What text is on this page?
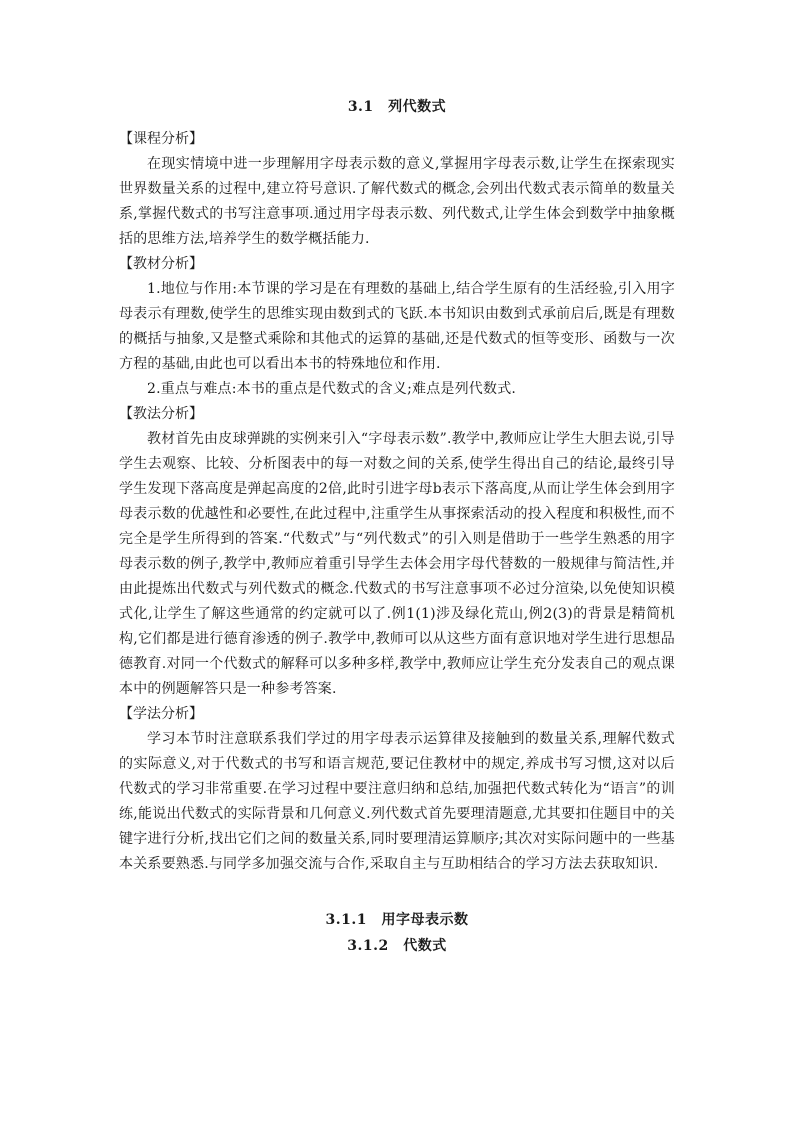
3.1　列代数式
【课程分析】

在现实情境中进一步理解用字母表示数的意义,掌握用字母表示数,让学生在探索现实世界数量关系的过程中,建立符号意识.了解代数式的概念,会列出代数式表示简单的数量关系,掌握代数式的书写注意事项.通过用字母表示数、列代数式,让学生体会到数学中抽象概括的思维方法,培养学生的数学概括能力.

【教材分析】

1.地位与作用:本节课的学习是在有理数的基础上,结合学生原有的生活经验,引入用字母表示有理数,使学生的思维实现由数到式的飞跃.本书知识由数到式承前启后,既是有理数的概括与抽象,又是整式乘除和其他式的运算的基础,还是代数式的恒等变形、函数与一次方程的基础,由此也可以看出本书的特殊地位和作用.

2.重点与难点:本书的重点是代数式的含义;难点是列代数式.

【教法分析】

教材首先由皮球弹跳的实例来引入“字母表示数”.教学中,教师应让学生大胆去说,引导学生去观察、比较、分析图表中的每一对数之间的关系,使学生得出自己的结论,最终引导学生发现下落高度是弹起高度的2倍,此时引进字母b表示下落高度,从而让学生体会到用字母表示数的优越性和必要性,在此过程中,注重学生从事探索活动的投入程度和积极性,而不完全是学生所得到的答案.“代数式”与“列代数式”的引入则是借助于一些学生熟悉的用字母表示数的例子,教学中,教师应着重引导学生去体会用字母代替数的一般规律与简洁性,并由此提炼出代数式与列代数式的概念.代数式的书写注意事项不必过分渲染,以免使知识模式化,让学生了解这些通常的约定就可以了.例1(1)涉及绿化荒山,例2(3)的背景是精简机构,它们都是进行德育渗透的例子.教学中,教师可以从这些方面有意识地对学生进行思想品德教育.对同一个代数式的解释可以多种多样,教学中,教师应让学生充分发表自己的观点课本中的例题解答只是一种参考答案.

【学法分析】

学习本节时注意联系我们学过的用字母表示运算律及接触到的数量关系,理解代数式的实际意义,对于代数式的书写和语言规范,要记住教材中的规定,养成书写习惯,这对以后代数式的学习非常重要.在学习过程中要注意归纳和总结,加强把代数式转化为“语言”的训练,能说出代数式的实际背景和几何意义.列代数式首先要理清题意,尤其要扣住题目中的关键字进行分析,找出它们之间的数量关系,同时要理清运算顺序;其次对实际问题中的一些基本关系要熟悉.与同学多加强交流与合作,采取自主与互助相结合的学习方法去获取知识.

3.1.1　用字母表示数
3.1.2　代数式
